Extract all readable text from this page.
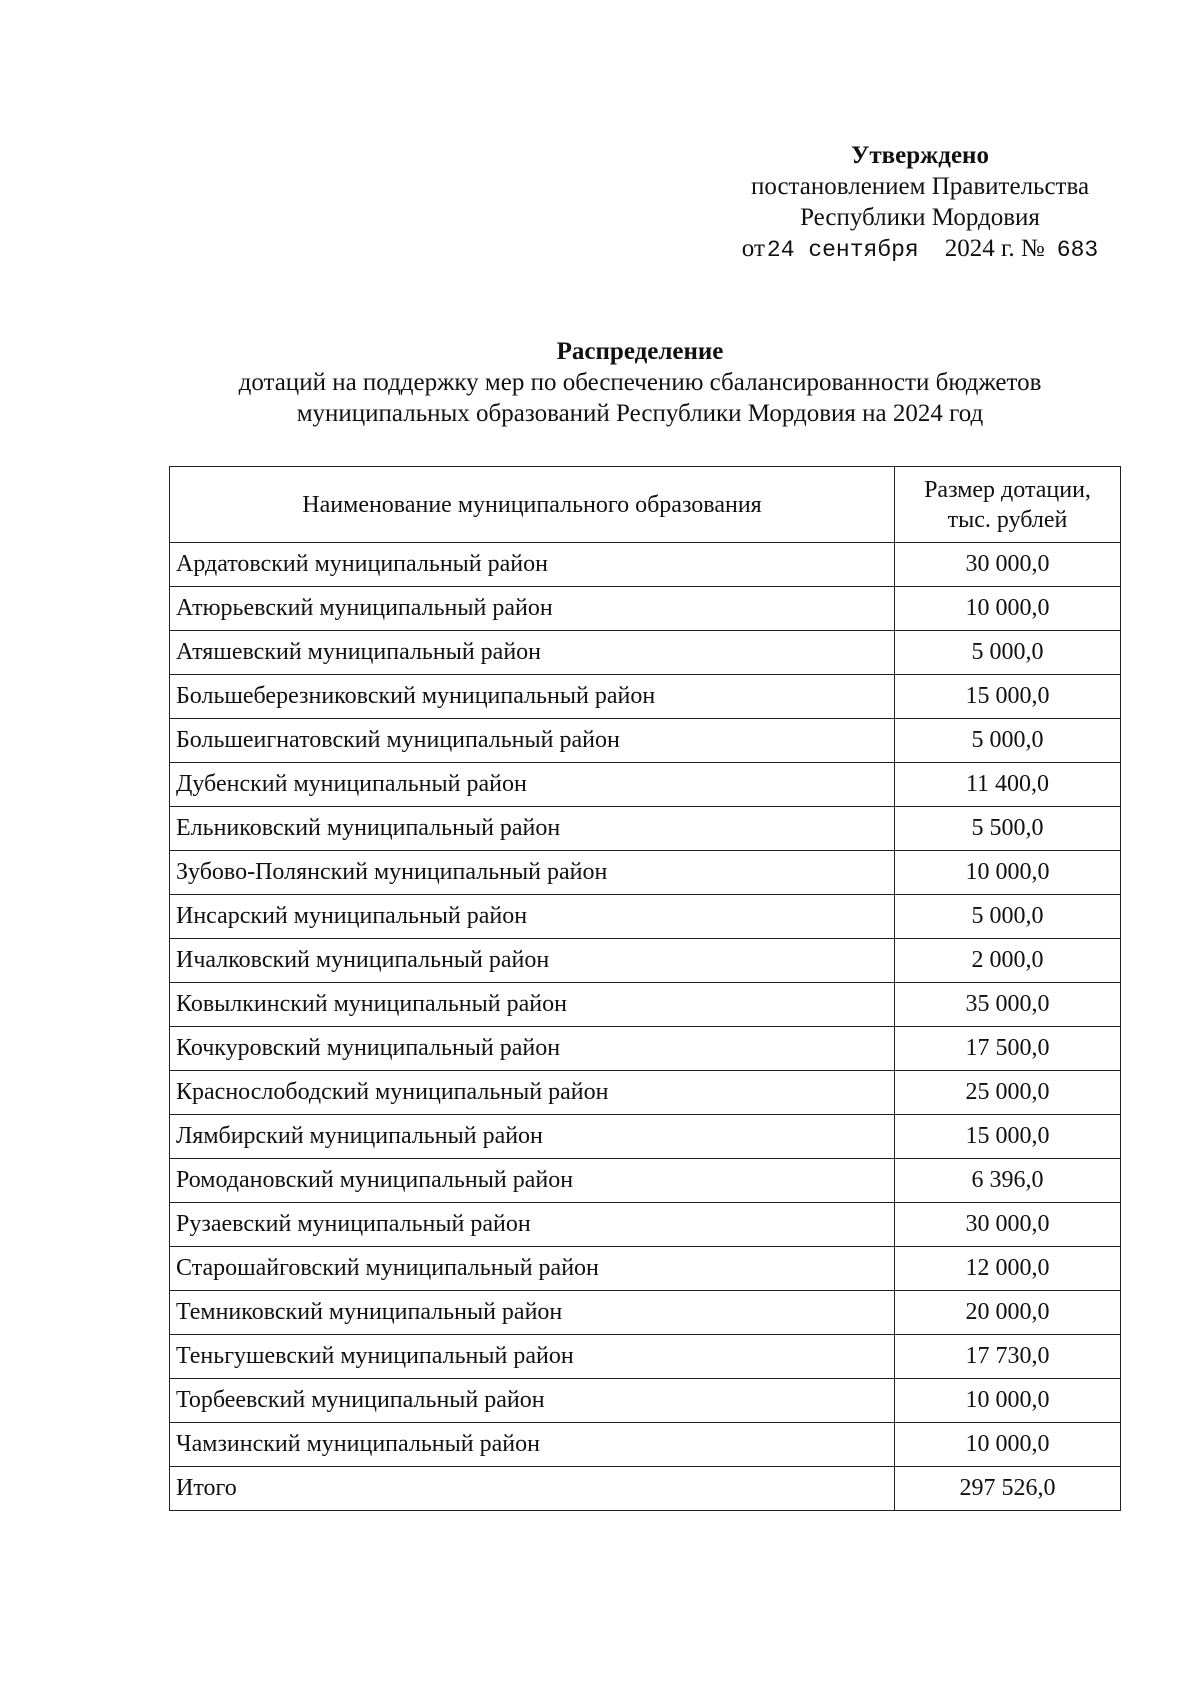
Утверждено
постановлением Правительства
Республики Мордовия
от 24 сентября 2024 г. № 683
Распределение
дотаций на поддержку мер по обеспечению сбалансированности бюджетов
муниципальных образований Республики Мордовия на 2024 год
Наименование муниципального образования	Размер дотации,
тыс. рублей

Ардатовский муниципальный район	30 000,0
Атюрьевский муниципальный район	10 000,0
Атяшевский муниципальный район	5 000,0
Большеберезниковский муниципальный район	15 000,0
Большеигнатовский муниципальный район	5 000,0
Дубенский муниципальный район	11 400,0
Ельниковский муниципальный район	5 500,0
Зубово-Полянский муниципальный район	10 000,0
Инсарский муниципальный район	5 000,0
Ичалковский муниципальный район	2 000,0
Ковылкинский муниципальный район	35 000,0
Кочкуровский муниципальный район	17 500,0
Краснослободский муниципальный район	25 000,0
Лямбирский муниципальный район	15 000,0
Ромодановский муниципальный район	6 396,0
Рузаевский муниципальный район	30 000,0
Старошайговский муниципальный район	12 000,0
Темниковский муниципальный район	20 000,0
Теньгушевский муниципальный район	17 730,0
Торбеевский муниципальный район	10 000,0
Чамзинский муниципальный район	10 000,0
Итого	297 526,0
